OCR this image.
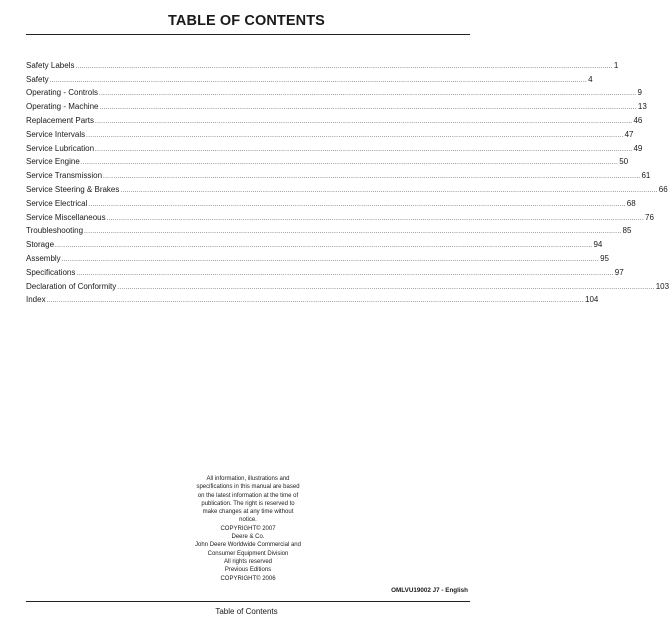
TABLE OF CONTENTS
Safety Labels .................................................................................................................................................................................................................................................................... 1
Safety .................................................................................................................................................................................................................................................................... 4
Operating - Controls .................................................................................................................................................................................................................................................................... 9
Operating - Machine .................................................................................................................................................................................................................................................................... 13
Replacement Parts .................................................................................................................................................................................................................................................................... 46
Service Intervals .................................................................................................................................................................................................................................................................... 47
Service Lubrication .................................................................................................................................................................................................................................................................... 49
Service Engine .................................................................................................................................................................................................................................................................... 50
Service Transmission .................................................................................................................................................................................................................................................................... 61
Service Steering & Brakes .................................................................................................................................................................................................................................................................... 66
Service Electrical .................................................................................................................................................................................................................................................................... 68
Service Miscellaneous .................................................................................................................................................................................................................................................................... 76
Troubleshooting .................................................................................................................................................................................................................................................................... 85
Storage .................................................................................................................................................................................................................................................................... 94
Assembly .................................................................................................................................................................................................................................................................... 95
Specifications .................................................................................................................................................................................................................................................................... 97
Declaration of Conformity .................................................................................................................................................................................................................................................................... 103
Index .................................................................................................................................................................................................................................................................... 104
All information, illustrations and
specifications in this manual are based
on the latest information at the time of
publication. The right is reserved to
make changes at any time without
notice.
COPYRIGHT© 2007
Deere & Co.
John Deere Worldwide Commercial and
Consumer Equipment Division
All rights reserved
Previous Editions
COPYRIGHT© 2006
OMLVU19002 J7 - English
Table of Contents
